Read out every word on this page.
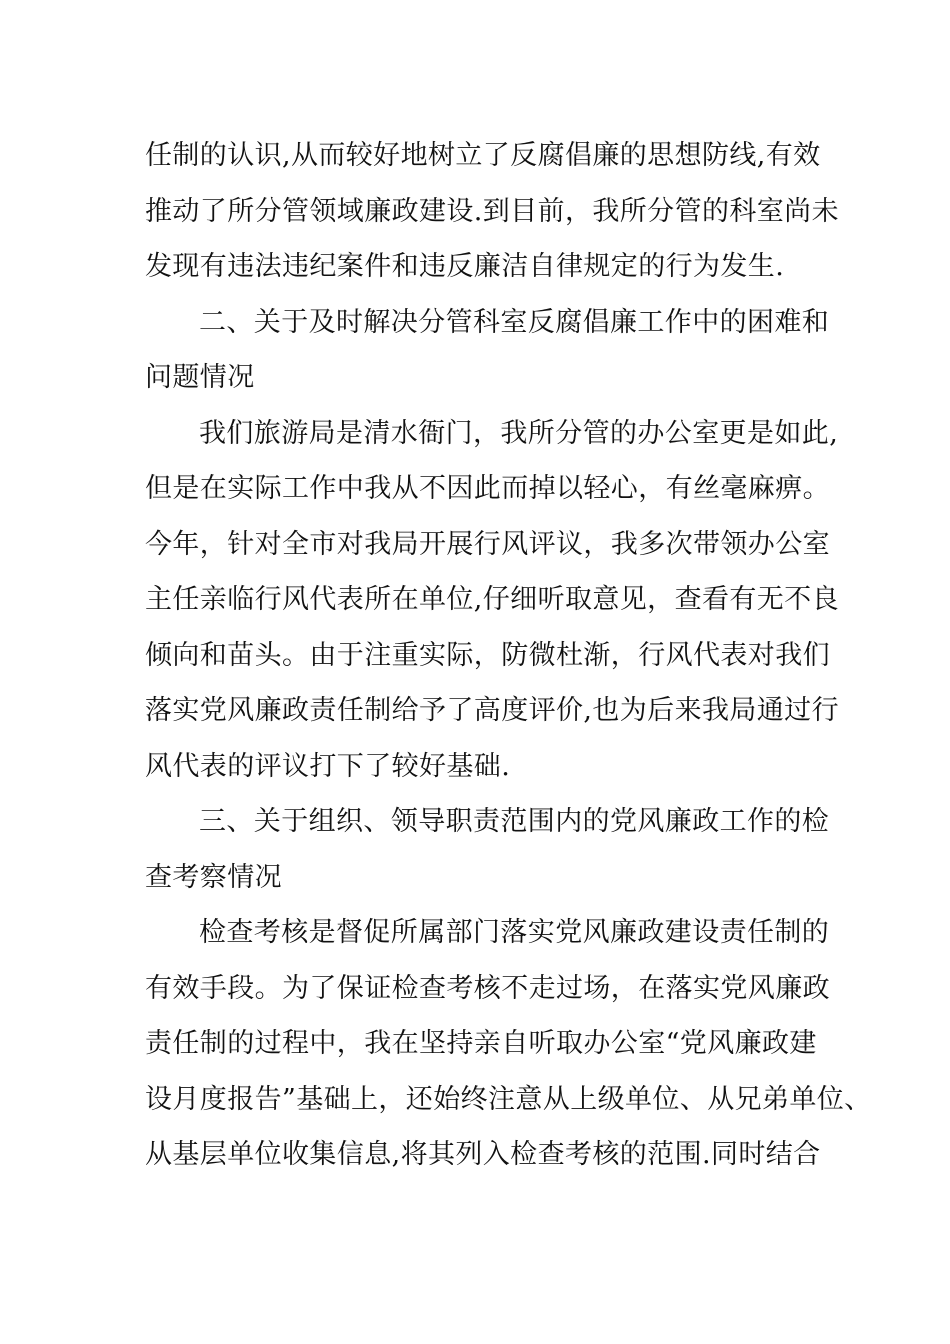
任制的认识,从而较好地树立了反腐倡廉的思想防线,有效
推动了所分管领域廉政建设.到目前，我所分管的科室尚未
发现有违法违纪案件和违反廉洁自律规定的行为发生.
二、关于及时解决分管科室反腐倡廉工作中的困难和
问题情况
我们旅游局是清水衙门，我所分管的办公室更是如此,
但是在实际工作中我从不因此而掉以轻心，有丝毫麻痹。
今年，针对全市对我局开展行风评议，我多次带领办公室
主任亲临行风代表所在单位,仔细听取意见，查看有无不良
倾向和苗头。由于注重实际，防微杜渐，行风代表对我们
落实党风廉政责任制给予了高度评价,也为后来我局通过行
风代表的评议打下了较好基础.
三、关于组织、领导职责范围内的党风廉政工作的检
查考察情况
检查考核是督促所属部门落实党风廉政建设责任制的
有效手段。为了保证检查考核不走过场，在落实党风廉政
责任制的过程中，我在坚持亲自听取办公室“党风廉政建
设月度报告”基础上，还始终注意从上级单位、从兄弟单位、
从基层单位收集信息,将其列入检查考核的范围.同时结合
